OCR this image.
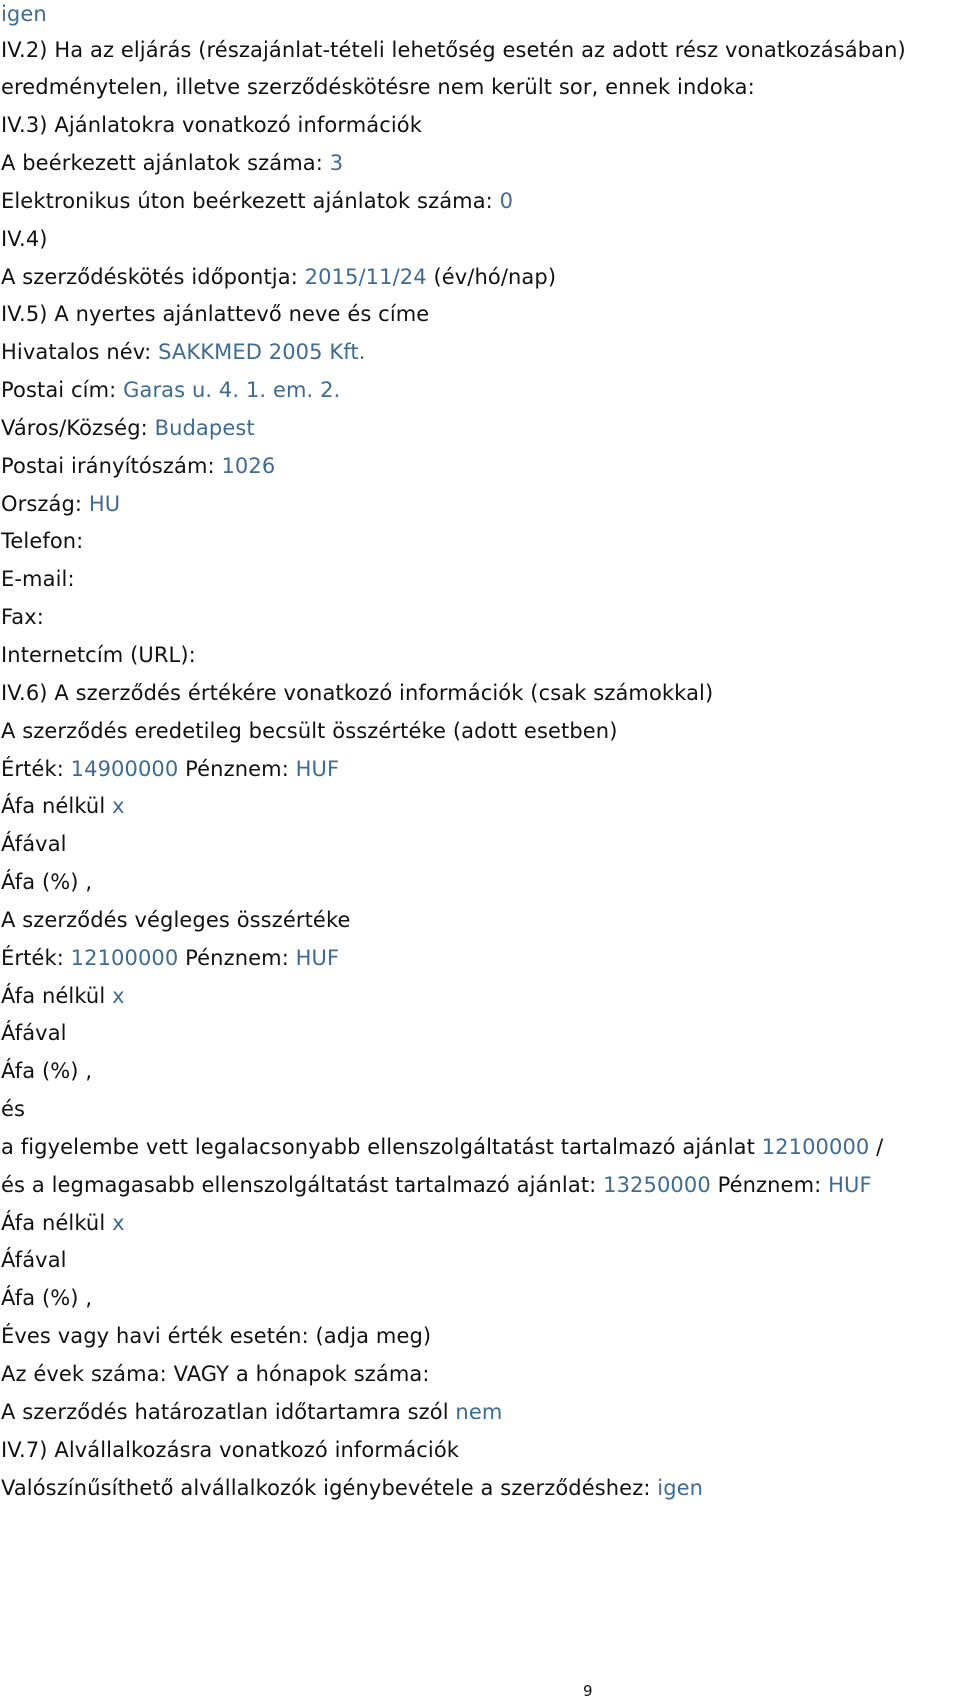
igen
IV.2) Ha az eljárás (részajánlat-tételi lehetőség esetén az adott rész vonatkozásában)
eredménytelen, illetve szerződéskötésre nem került sor, ennek indoka:
IV.3) Ajánlatokra vonatkozó információk
A beérkezett ajánlatok száma: 3
Elektronikus úton beérkezett ajánlatok száma: 0
IV.4)
A szerződéskötés időpontja: 2015/11/24 (év/hó/nap)
IV.5) A nyertes ajánlattevő neve és címe
Hivatalos név: SAKKMED 2005 Kft.
Postai cím: Garas u. 4. 1. em. 2.
Város/Község: Budapest
Postai irányítószám: 1026
Ország: HU
Telefon:
E-mail:
Fax:
Internetcím (URL):
IV.6) A szerződés értékére vonatkozó információk (csak számokkal)
A szerződés eredetileg becsült összértéke (adott esetben)
Érték: 14900000 Pénznem: HUF
Áfa nélkül x
Áfával
Áfa (%) ,
A szerződés végleges összértéke
Érték: 12100000 Pénznem: HUF
Áfa nélkül x
Áfával
Áfa (%) ,
és
a figyelembe vett legalacsonyabb ellenszolgáltatást tartalmazó ajánlat 12100000 /
és a legmagasabb ellenszolgáltatást tartalmazó ajánlat: 13250000 Pénznem: HUF
Áfa nélkül x
Áfával
Áfa (%) ,
Éves vagy havi érték esetén: (adja meg)
Az évek száma: VAGY a hónapok száma:
A szerződés határozatlan időtartamra szól nem
IV.7) Alvállalkozásra vonatkozó információk
Valószínűsíthető alvállalkozók igénybevétele a szerződéshez: igen
9
